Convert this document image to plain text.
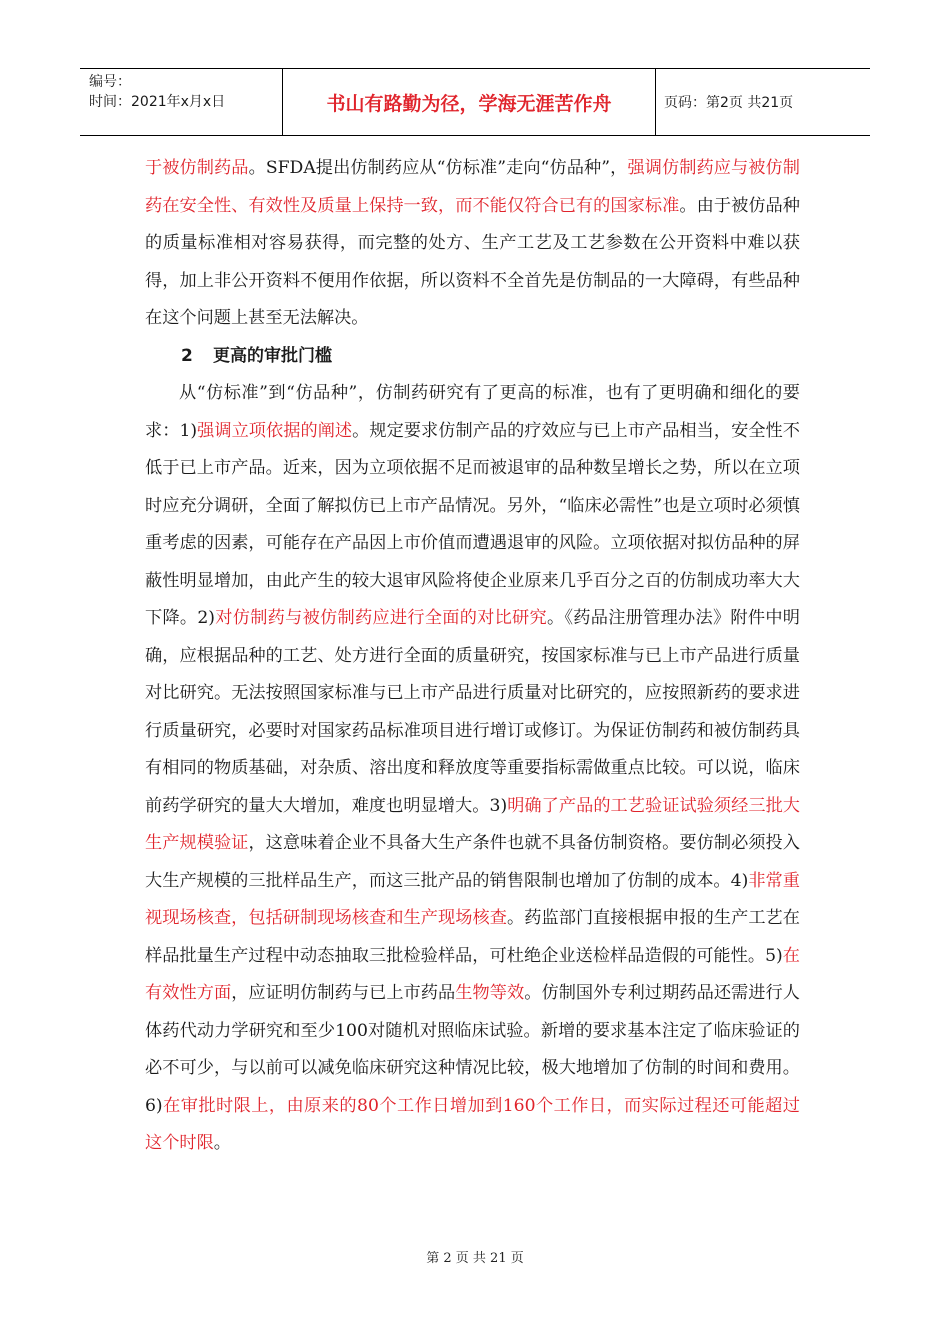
编号：
时间：2021年x月x日	书山有路勤为径，学海无涯苦作舟	页码：第2页 共21页

于被仿制药品。SFDA提出仿制药应从“仿标准”走向“仿品种”，强调仿制药应与被仿制药在安全性、有效性及质量上保持一致，而不能仅符合已有的国家标准。由于被仿品种的质量标准相对容易获得，而完整的处方、生产工艺及工艺参数在公开资料中难以获得，加上非公开资料不便用作依据，所以资料不全首先是仿制品的一大障碍，有些品种在这个问题上甚至无法解决。

2 更高的审批门槛

从“仿标准”到“仿品种”，仿制药研究有了更高的标准，也有了更明确和细化的要求：1)强调立项依据的阐述。规定要求仿制产品的疗效应与已上市产品相当，安全性不低于已上市产品。近来，因为立项依据不足而被退审的品种数呈增长之势，所以在立项时应充分调研，全面了解拟仿已上市产品情况。另外，“临床必需性”也是立项时必须慎重考虑的因素，可能存在产品因上市价值而遭遇退审的风险。立项依据对拟仿品种的屏蔽性明显增加，由此产生的较大退审风险将使企业原来几乎百分之百的仿制成功率大大下降。2)对仿制药与被仿制药应进行全面的对比研究。《药品注册管理办法》附件中明确，应根据品种的工艺、处方进行全面的质量研究，按国家标准与已上市产品进行质量对比研究。无法按照国家标准与已上市产品进行质量对比研究的，应按照新药的要求进行质量研究，必要时对国家药品标准项目进行增订或修订。为保证仿制药和被仿制药具有相同的物质基础，对杂质、溶出度和释放度等重要指标需做重点比较。可以说，临床前药学研究的量大大增加，难度也明显增大。3)明确了产品的工艺验证试验须经三批大生产规模验证，这意味着企业不具备大生产条件也就不具备仿制资格。要仿制必须投入大生产规模的三批样品生产，而这三批产品的销售限制也增加了仿制的成本。4)非常重视现场核查，包括研制现场核查和生产现场核查。药监部门直接根据申报的生产工艺在样品批量生产过程中动态抽取三批检验样品，可杜绝企业送检样品造假的可能性。5)在有效性方面，应证明仿制药与已上市药品生物等效。仿制国外专利过期药品还需进行人体药代动力学研究和至少100对随机对照临床试验。新增的要求基本注定了临床验证的必不可少，与以前可以减免临床研究这种情况比较，极大地增加了仿制的时间和费用。6)在审批时限上，由原来的80个工作日增加到160个工作日，而实际过程还可能超过这个时限。

第 2 页 共 21 页
